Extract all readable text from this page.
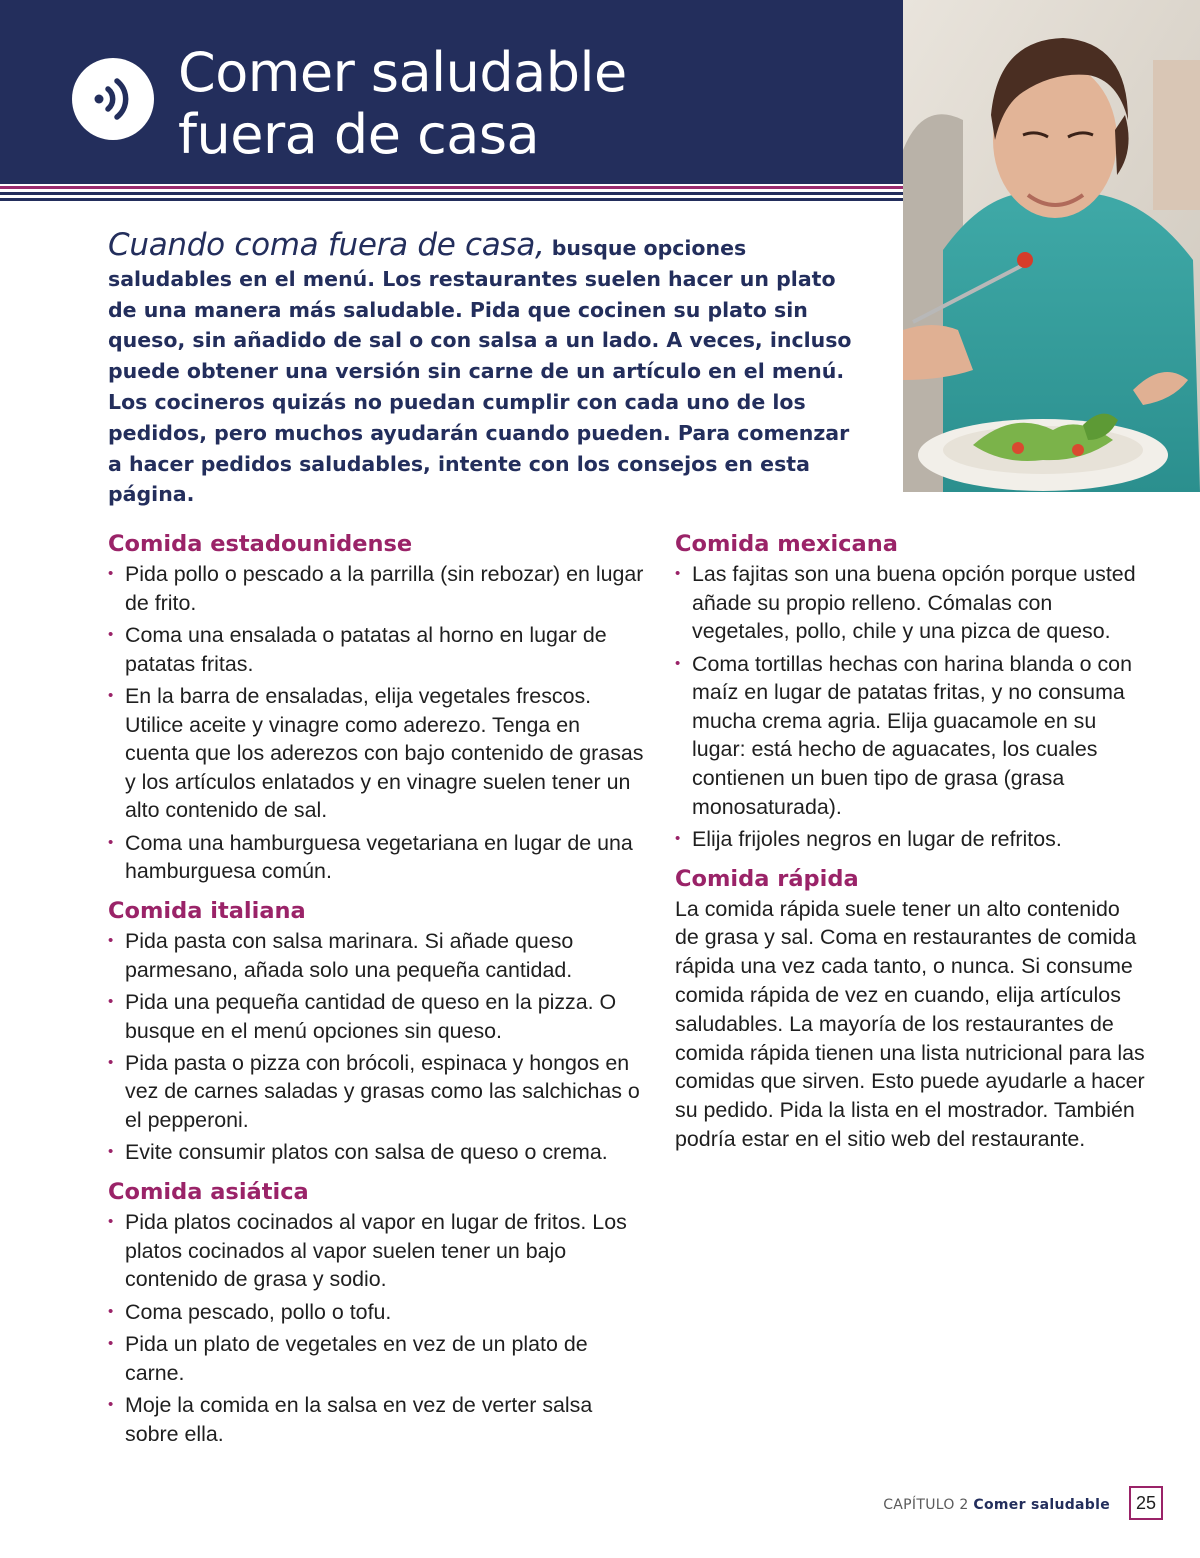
Comer saludable
fuera de casa

Cuando coma fuera de casa, busque opciones saludables en el menú. Los restaurantes suelen hacer un plato de una manera más saludable. Pida que cocinen su plato sin queso, sin añadido de sal o con salsa a un lado. A veces, incluso puede obtener una versión sin carne de un artículo en el menú. Los cocineros quizás no puedan cumplir con cada uno de los pedidos, pero muchos ayudarán cuando pueden. Para comenzar a hacer pedidos saludables, intente con los consejos en esta página.

Comida estadounidense
• Pida pollo o pescado a la parrilla (sin rebozar) en lugar de frito.
• Coma una ensalada o patatas al horno en lugar de patatas fritas.
• En la barra de ensaladas, elija vegetales frescos. Utilice aceite y vinagre como aderezo. Tenga en cuenta que los aderezos con bajo contenido de grasas y los artículos enlatados y en vinagre suelen tener un alto contenido de sal.
• Coma una hamburguesa vegetariana en lugar de una hamburguesa común.
Comida italiana
• Pida pasta con salsa marinara. Si añade queso parmesano, añada solo una pequeña cantidad.
• Pida una pequeña cantidad de queso en la pizza. O busque en el menú opciones sin queso.
• Pida pasta o pizza con brócoli, espinaca y hongos en vez de carnes saladas y grasas como las salchichas o el pepperoni.
• Evite consumir platos con salsa de queso o crema.
Comida asiática
• Pida platos cocinados al vapor en lugar de fritos. Los platos cocinados al vapor suelen tener un bajo contenido de grasa y sodio.
• Coma pescado, pollo o tofu.
• Pida un plato de vegetales en vez de un plato de carne.
• Moje la comida en la salsa en vez de verter salsa sobre ella.
Comida mexicana
• Las fajitas son una buena opción porque usted añade su propio relleno. Cómalas con vegetales, pollo, chile y una pizca de queso.
• Coma tortillas hechas con harina blanda o con maíz en lugar de patatas fritas, y no consuma mucha crema agria. Elija guacamole en su lugar: está hecho de aguacates, los cuales contienen un buen tipo de grasa (grasa monosaturada).
• Elija frijoles negros en lugar de refritos.
Comida rápida

La comida rápida suele tener un alto contenido de grasa y sal. Coma en restaurantes de comida rápida una vez cada tanto, o nunca. Si consume comida rápida de vez en cuando, elija artículos saludables. La mayoría de los restaurantes de comida rápida tienen una lista nutricional para las comidas que sirven. Esto puede ayudarle a hacer su pedido. Pida la lista en el mostrador. También podría estar en el sitio web del restaurante.

CAPÍTULO 2 Comer saludable	25
